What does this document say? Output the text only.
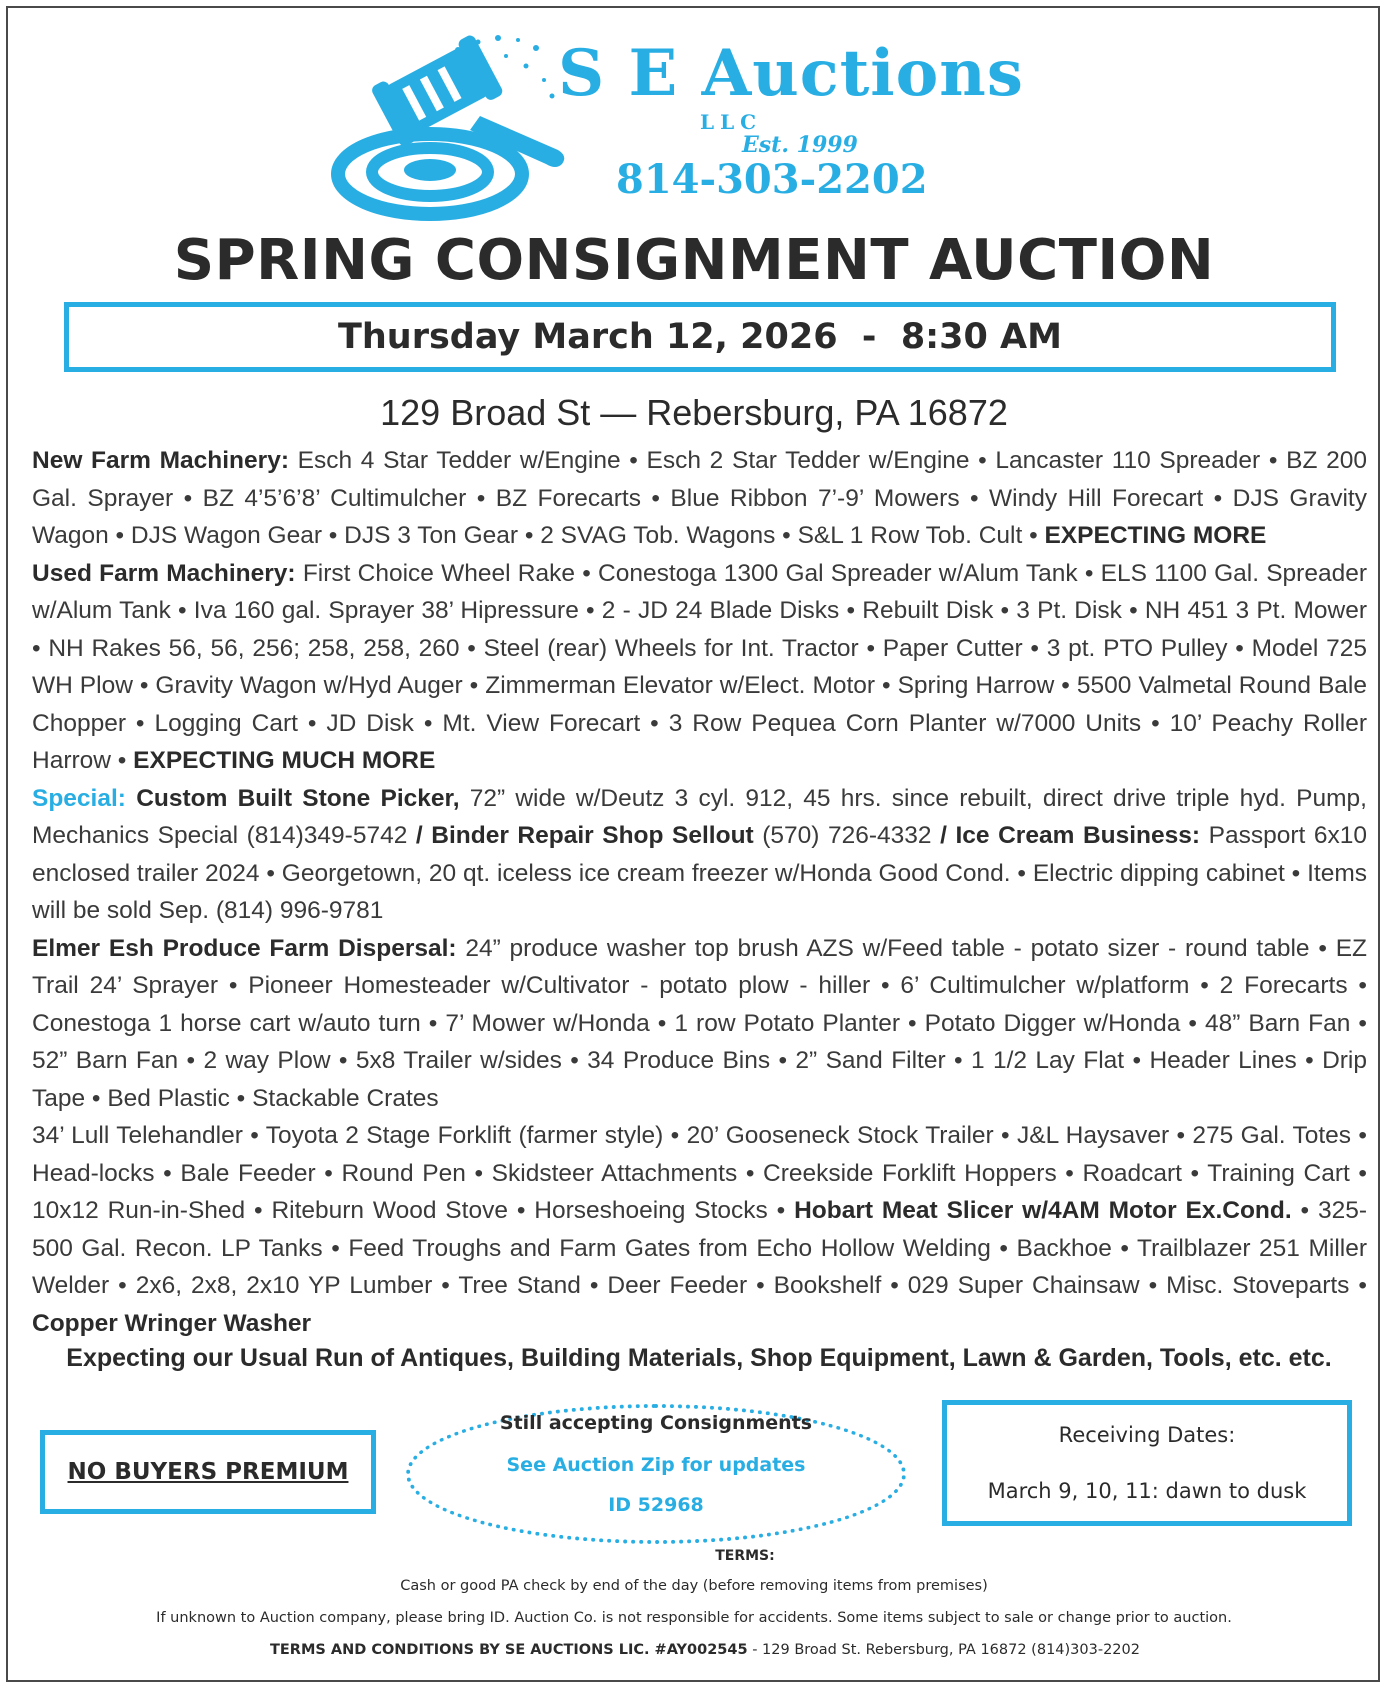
S E Auctions
LLC
Est. 1999
814-303-2202
SPRING CONSIGNMENT AUCTION
Thursday March 12, 2026  -  8:30 AM
129 Broad St — Rebersburg, PA 16872

New Farm Machinery: Esch 4 Star Tedder w/Engine • Esch 2 Star Tedder w/Engine • Lancaster 110 Spreader • BZ 200 Gal. Sprayer • BZ 4’5’6’8’ Cultimulcher • BZ Forecarts • Blue Ribbon 7’-9’ Mowers • Windy Hill Forecart • DJS Gravity Wagon • DJS Wagon Gear • DJS 3 Ton Gear • 2 SVAG Tob. Wagons • S&L 1 Row Tob. Cult • EXPECTING MORE

Used Farm Machinery: First Choice Wheel Rake • Conestoga 1300 Gal Spreader w/Alum Tank • ELS 1100 Gal. Spreader w/Alum Tank • Iva 160 gal. Sprayer 38’ Hipressure • 2 - JD 24 Blade Disks • Rebuilt Disk • 3 Pt. Disk • NH 451 3 Pt. Mower • NH Rakes 56, 56, 256; 258, 258, 260 • Steel (rear) Wheels for Int. Tractor • Paper Cutter • 3 pt. PTO Pulley • Model 725 WH Plow • Gravity Wagon w/Hyd Auger • Zimmerman Elevator w/Elect. Motor • Spring Harrow • 5500 Valmetal Round Bale Chopper • Logging Cart • JD Disk • Mt. View Forecart • 3 Row Pequea Corn Planter w/7000 Units • 10’ Peachy Roller Harrow • EXPECTING MUCH MORE

Special: Custom Built Stone Picker, 72” wide w/Deutz 3 cyl. 912, 45 hrs. since rebuilt, direct drive triple hyd. Pump, Mechanics Special (814)349-5742 / Binder Repair Shop Sellout (570) 726-4332 / Ice Cream Business: Passport 6x10 enclosed trailer 2024 • Georgetown, 20 qt. iceless ice cream freezer w/Honda Good Cond. • Electric dipping cabinet • Items will be sold Sep. (814) 996-9781

Elmer Esh Produce Farm Dispersal: 24” produce washer top brush AZS w/Feed table - potato sizer - round table • EZ Trail 24’ Sprayer • Pioneer Homesteader w/Cultivator - potato plow - hiller • 6’ Cultimulcher w/platform • 2 Forecarts • Conestoga 1 horse cart w/auto turn • 7’ Mower w/Honda • 1 row Potato Planter • Potato Digger w/Honda • 48” Barn Fan • 52” Barn Fan • 2 way Plow • 5x8 Trailer w/sides • 34 Produce Bins • 2” Sand Filter • 1 1/2 Lay Flat • Header Lines • Drip Tape • Bed Plastic • Stackable Crates

34’ Lull Telehandler • Toyota 2 Stage Forklift (farmer style) • 20’ Gooseneck Stock Trailer • J&L Haysaver • 275 Gal. Totes • Head-locks • Bale Feeder • Round Pen • Skidsteer Attachments • Creekside Forklift Hoppers • Roadcart • Training Cart • 10x12 Run-in-Shed • Riteburn Wood Stove • Horseshoeing Stocks • Hobart Meat Slicer w/4AM Motor Ex.Cond. • 325-500 Gal. Recon. LP Tanks • Feed Troughs and Farm Gates from Echo Hollow Welding • Backhoe • Trailblazer 251 Miller Welder • 2x6, 2x8, 2x10 YP Lumber • Tree Stand • Deer Feeder • Bookshelf • 029 Super Chainsaw • Misc. Stoveparts • Copper Wringer Washer

Expecting our Usual Run of Antiques, Building Materials, Shop Equipment, Lawn & Garden, Tools, etc. etc.
NO BUYERS PREMIUM
Still accepting Consignments
See Auction Zip for updates
ID 52968
Receiving Dates:
March 9, 10, 11: dawn to dusk
TERMS:
Cash or good PA check by end of the day (before removing items from premises)
If unknown to Auction company, please bring ID. Auction Co. is not responsible for accidents. Some items subject to sale or change prior to auction.
TERMS AND CONDITIONS BY SE AUCTIONS LIC. #AY002545 - 129 Broad St. Rebersburg, PA 16872 (814)303-2202
